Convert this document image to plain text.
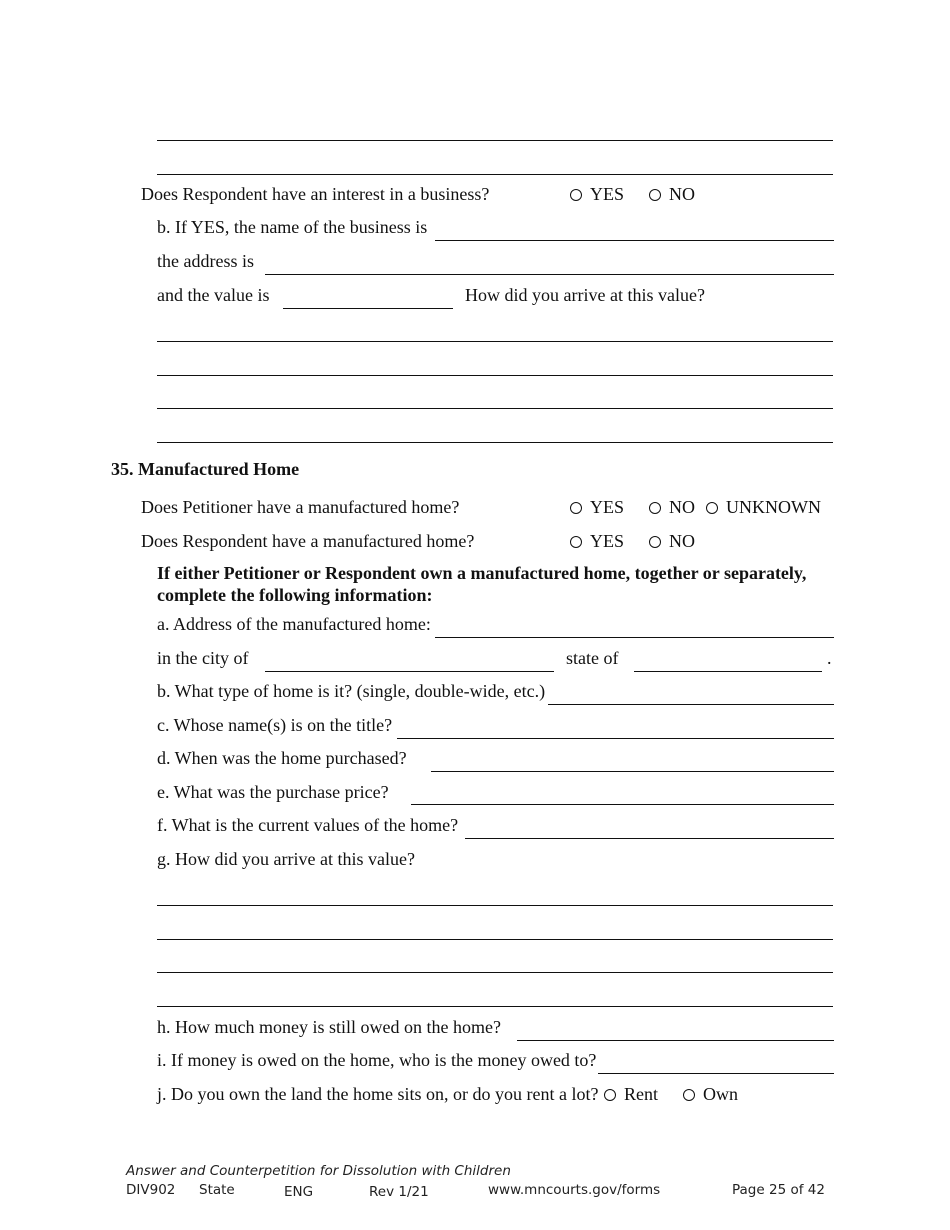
Does Respondent have an interest in a business?	YES	NO
b. If YES, the name of the business is
the address is
and the value is	How did you arrive at this value?
35. Manufactured Home
Does Petitioner have a manufactured home?	YES	NO	UNKNOWN
Does Respondent have a manufactured home?	YES	NO
If either Petitioner or Respondent own a manufactured home, together or separately,
complete the following information:
a. Address of the manufactured home:
in the city of	state of	.
b. What type of home is it? (single, double-wide, etc.)
c. Whose name(s) is on the title?
d. When was the home purchased?
e. What was the purchase price?
f. What is the current values of the home?
g. How did you arrive at this value?
h. How much money is still owed on the home?
i. If money is owed on the home, who is the money owed to?
j. Do you own the land the home sits on, or do you rent a lot?	Rent	Own
Answer and Counterpetition for Dissolution with Children
DIV902 State	ENG	Rev 1/21	www.mncourts.gov/forms	Page 25 of 42
